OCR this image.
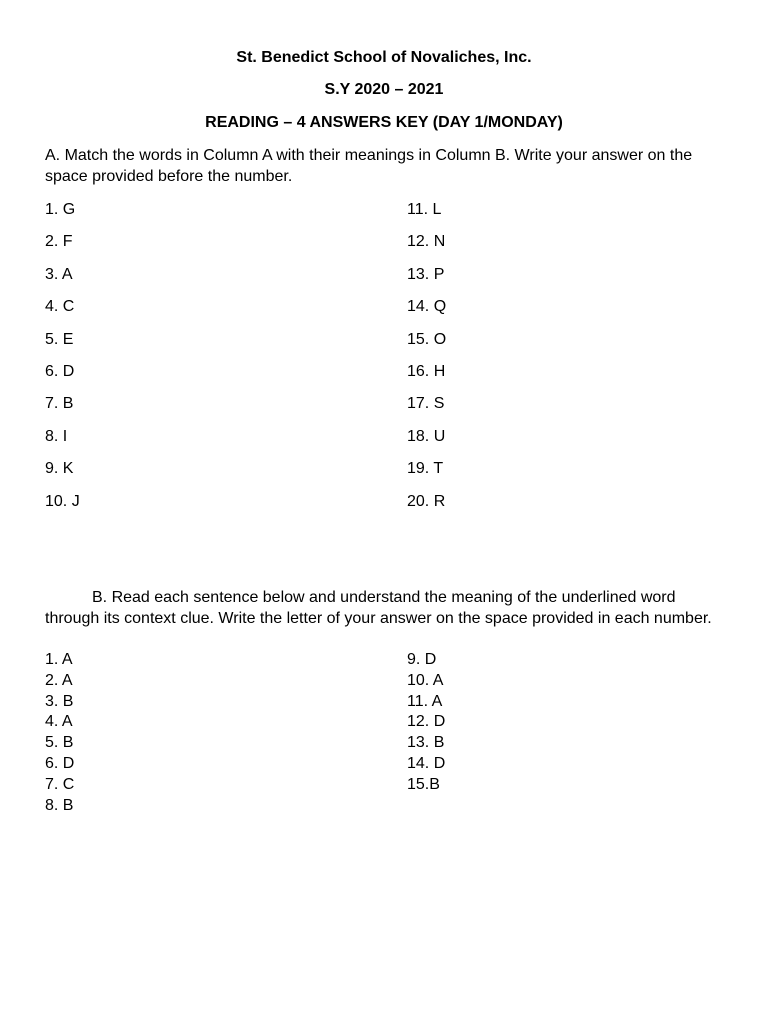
St. Benedict School of Novaliches, Inc.
S.Y 2020 – 2021
READING – 4 ANSWERS KEY (DAY 1/MONDAY)
A. Match the words in Column A with their meanings in Column B. Write your answer on the space provided before the number.
1. G
2. F
3. A
4. C
5. E
6. D
7. B
8. I
9. K
10. J
11. L
12. N
13. P
14. Q
15. O
16. H
17. S
18. U
19. T
20. R
B. Read each sentence below and understand the meaning of the underlined word through its context clue. Write the letter of your answer on the space provided in each number.
1. A
2. A
3. B
4. A
5. B
6. D
7. C
8. B
9. D
10. A
11. A
12. D
13. B
14. D
15.B
